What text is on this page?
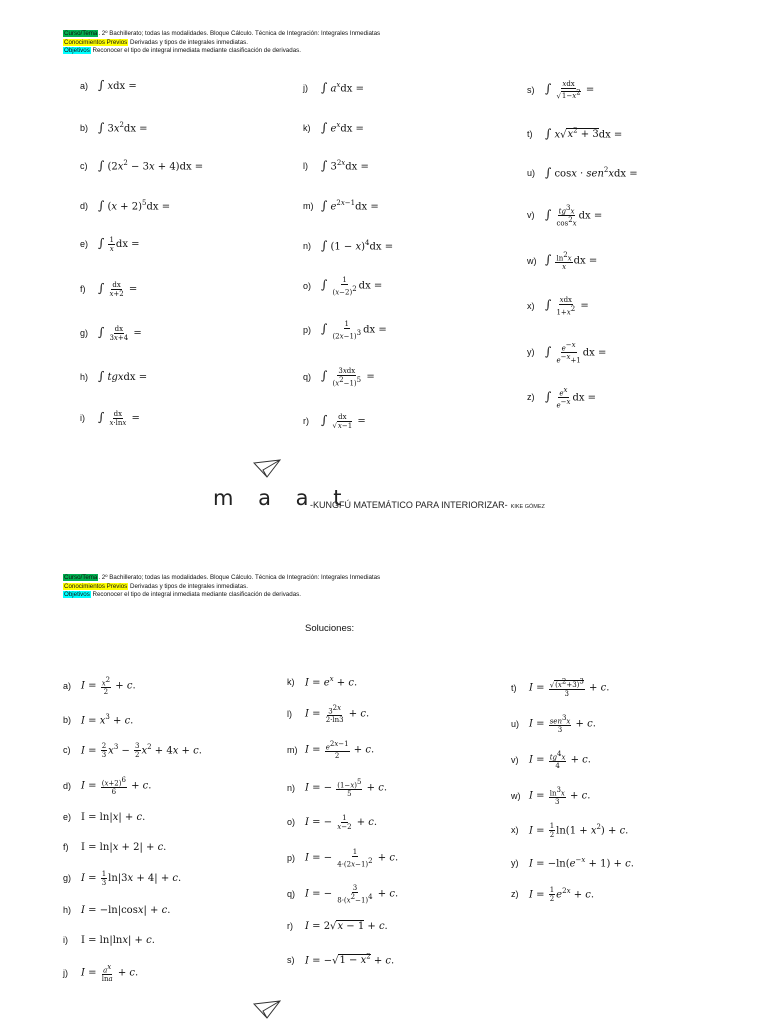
Curso/Tema. 2º Bachillerato; todas las modalidades. Bloque Cálculo. Técnica de Integración: Integrales Inmediatas
Conocimientos Previos Derivadas y tipos de integrales inmediatas.
Objetivos Reconocer el tipo de integral inmediata mediante clasificación de derivadas.
a) ∫ xdx =
b) ∫ $3x^2dx$ =
c) ∫ $(2x^2 - 3x + 4)dx$ =
d) ∫ $(x + 2)^5dx$ =
e) ∫ $\frac{1}{x}$ dx =
f) ∫ $\frac{dx}{x+2}$ =
g) ∫ $\frac{dx}{3x+4}$ =
h) ∫ tgxdx =
i) ∫ $\frac{dx}{x\cdot\ln x}$ =
j) ∫ $a^xdx$ =
k) ∫ $e^xdx$ =
l) ∫ $3^{2x}dx$ =
m) ∫ $e^{2x-1}dx$ =
n) ∫ $(1 - x)^4dx$ =
o) ∫ $\frac{1}{(x-2)^2}$ dx =
p) ∫ $\frac{1}{(2x-1)^3}$ dx =
q) ∫ $\frac{\text{3xdx}}{(x^2-1)^5}$ =
r) ∫ $\frac{dx}{√x-1}$ =
s) ∫ $\frac{\text{xdx}}{√1-x^2}$ =
t) ∫ $x√x^2 + 3dx$ =
u) ∫ cosx · sen$^2$xdx =
v) ∫ $\frac{tg^3x}{\cos^2x}$ dx =
w) ∫ $\frac{\ln^2x}{x}$ dx =
x) ∫ $\frac{\text{xdx}}{1+x^2}$ =
y) ∫ $\frac{e^{-x}}{e^{-x}+1}$ dx =
z) ∫ $\frac{e^x}{e^{-x}}$ dx =
m a a t
-KUNGFÚ MATEMÁTICO PARA INTERIORIZAR- KIKE GÓMEZ
Curso/Tema. 2º Bachillerato; todas las modalidades. Bloque Cálculo. Técnica de Integración: Integrales Inmediatas
Conocimientos Previos Derivadas y tipos de integrales inmediatas.
Objetivos Reconocer el tipo de integral inmediata mediante clasificación de derivadas.
Soluciones:
a) $I = \frac{x^2}{2} + c$.
b) $I = x^3 + c$.
c) $I = \frac{2}{3} x^3 - \frac{3}{2} x^2 + 4x + c$.
d) $I = \frac{(x+2)^6}{6} + c$.
e) I = ln|x| + c.
f) I = ln|x + 2| + c.
g) $I = \frac{1}{3} \ln|3x + 4| + c$.
h) I = −ln|cosx| + c.
i) I = ln|lnx| + c.
j) $I = \frac{a^x}{\ln a} + c$.
k) $I = e^x + c$.
l) $I = \frac{3^{2x}}{2\cdot\ln 3} + c$.
m) $I = \frac{e^{2x-1}}{2} + c$.
n) I = − $\frac{(1-x)^5}{5} + c$.
o) I = − $\frac{1}{x-2} + c$.
p) I = − $\frac{1}{4\cdot(2x-1)^2} + c$.
q) I = − $\frac{3}{8\cdot(x^2-1)^4} + c$.
r) I = 2√x − 1 + c.
s) $I = -√1 - x^2 + c$.
t) $I = \frac{√(x^2+3)^3}{3} + c$.
u) $I = \frac{sen^3x}{3} + c$.
v) $I = \frac{tg^4x}{4} + c$.
w) $I = \frac{\ln^3x}{3} + c$.
x) $I = \frac{1}{2} \ln(1 + x^2) + c$.
y) $I = -\ln(e^{-x} + 1) + c$.
z) $I = \frac{1}{2} e^{2x} + c$.
